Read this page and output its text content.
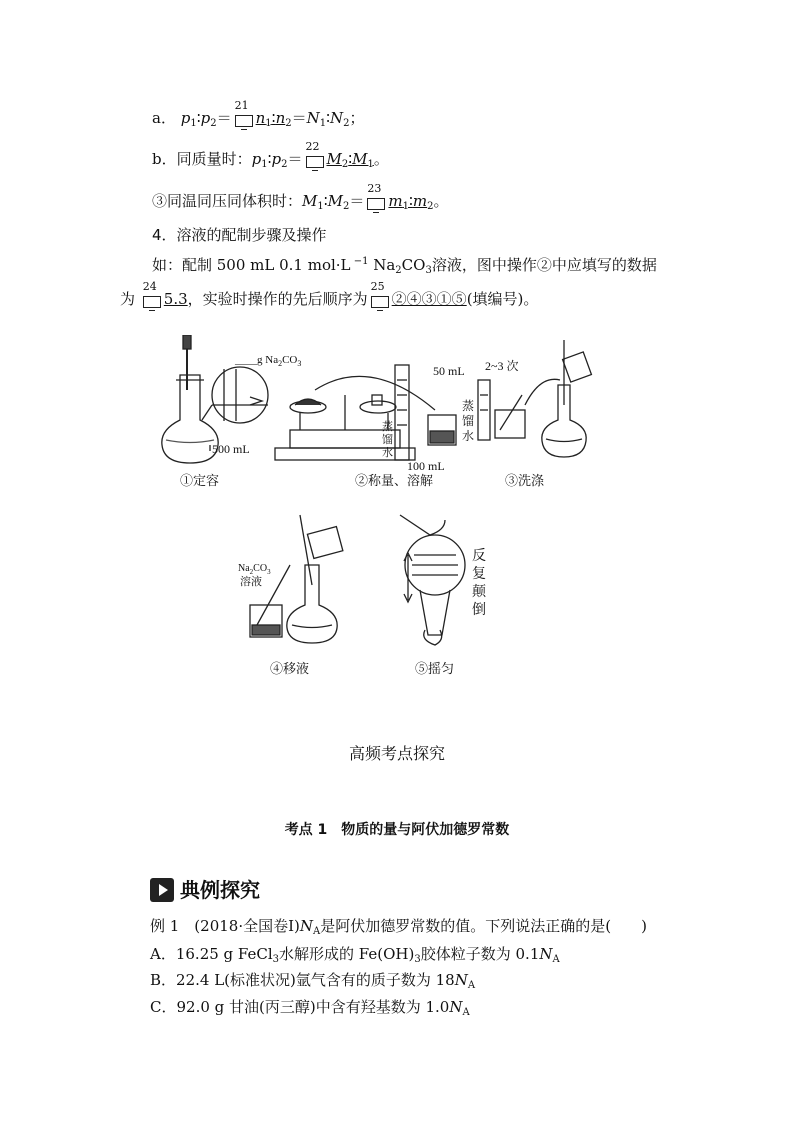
a． $p_1∶p_2=$
21
$n_1∶n_2=N_1∶N_2$；
b．同质量时：$p_1∶p_2=$
22
$M_2∶M_1$。
③同温同压同体积时：$M_1∶M_2=$
23
$m_1∶m_2$。
4．溶液的配制步骤及操作
如：配制 500 mL 0.1 mol·L $^{-1}$ $Na_2CO_3$溶液，图中操作②中应填写的数据
为
24
5.3，实验时操作的先后顺序为
25
②④③①⑤(填编号)。
①定容	②称量、溶解	③洗涤
④移液	⑤摇匀
____g $Na_2CO_3$
500 mL
100 mL
50 mL 2~3 次
蒸
馏
水
蒸
馏
水
$Na_2CO_3$
溶液
反
复
颠
倒
高频考点探究
考点 1　物质的量与阿伏加德罗常数
典例探究
例 1　(2018·全国卷$Ⅰ)N_A$是阿伏加德罗常数的值。下列说法正确的是(　　)
A．16.25 g FeCl$_3$水解形成的 $Fe(OH)_3$胶体粒子数为 $0.1N_A$
B．22.4 L(标准状况)氩气含有的质子数为 $18N_A$
C．92.0 g 甘油(丙三醇)中含有羟基数为 $1.0N_A$
